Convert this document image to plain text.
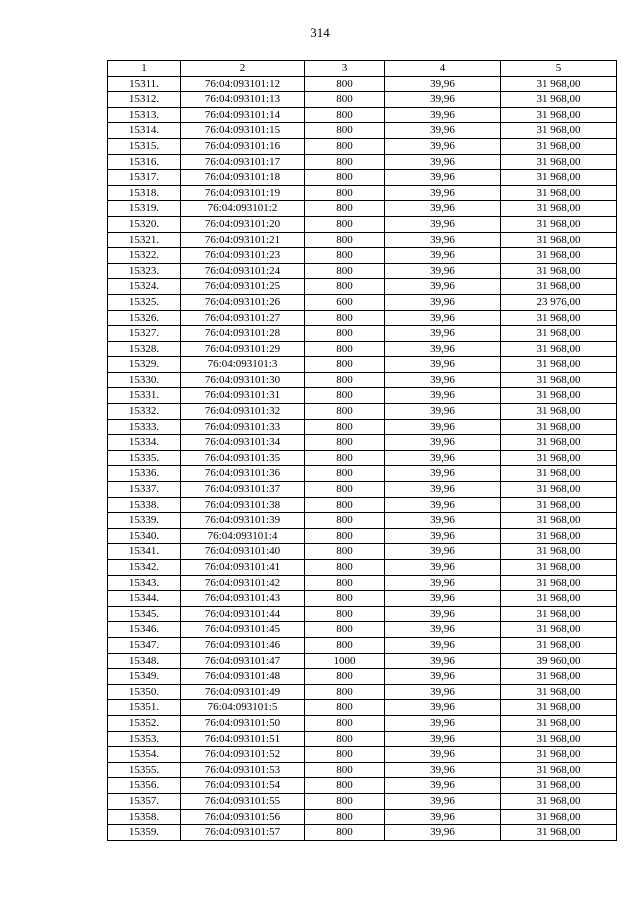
314
1	2	3	4	5
15311.	76:04:093101:12	800	39,96	31 968,00
15312.	76:04:093101:13	800	39,96	31 968,00
15313.	76:04:093101:14	800	39,96	31 968,00
15314.	76:04:093101:15	800	39,96	31 968,00
15315.	76:04:093101:16	800	39,96	31 968,00
15316.	76:04:093101:17	800	39,96	31 968,00
15317.	76:04:093101:18	800	39,96	31 968,00
15318.	76:04:093101:19	800	39,96	31 968,00
15319.	76:04:093101:2	800	39,96	31 968,00
15320.	76:04:093101:20	800	39,96	31 968,00
15321.	76:04:093101:21	800	39,96	31 968,00
15322.	76:04:093101:23	800	39,96	31 968,00
15323.	76:04:093101:24	800	39,96	31 968,00
15324.	76:04:093101:25	800	39,96	31 968,00
15325.	76:04:093101:26	600	39,96	23 976,00
15326.	76:04:093101:27	800	39,96	31 968,00
15327.	76:04:093101:28	800	39,96	31 968,00
15328.	76:04:093101:29	800	39,96	31 968,00
15329.	76:04:093101:3	800	39,96	31 968,00
15330.	76:04:093101:30	800	39,96	31 968,00
15331.	76:04:093101:31	800	39,96	31 968,00
15332.	76:04:093101:32	800	39,96	31 968,00
15333.	76:04:093101:33	800	39,96	31 968,00
15334.	76:04:093101:34	800	39,96	31 968,00
15335.	76:04:093101:35	800	39,96	31 968,00
15336.	76:04:093101:36	800	39,96	31 968,00
15337.	76:04:093101:37	800	39,96	31 968,00
15338.	76:04:093101:38	800	39,96	31 968,00
15339.	76:04:093101:39	800	39,96	31 968,00
15340.	76:04:093101:4	800	39,96	31 968,00
15341.	76:04:093101:40	800	39,96	31 968,00
15342.	76:04:093101:41	800	39,96	31 968,00
15343.	76:04:093101:42	800	39,96	31 968,00
15344.	76:04:093101:43	800	39,96	31 968,00
15345.	76:04:093101:44	800	39,96	31 968,00
15346.	76:04:093101:45	800	39,96	31 968,00
15347.	76:04:093101:46	800	39,96	31 968,00
15348.	76:04:093101:47	1000	39,96	39 960,00
15349.	76:04:093101:48	800	39,96	31 968,00
15350.	76:04:093101:49	800	39,96	31 968,00
15351.	76:04:093101:5	800	39,96	31 968,00
15352.	76:04:093101:50	800	39,96	31 968,00
15353.	76:04:093101:51	800	39,96	31 968,00
15354.	76:04:093101:52	800	39,96	31 968,00
15355.	76:04:093101:53	800	39,96	31 968,00
15356.	76:04:093101:54	800	39,96	31 968,00
15357.	76:04:093101:55	800	39,96	31 968,00
15358.	76:04:093101:56	800	39,96	31 968,00
15359.	76:04:093101:57	800	39,96	31 968,00
